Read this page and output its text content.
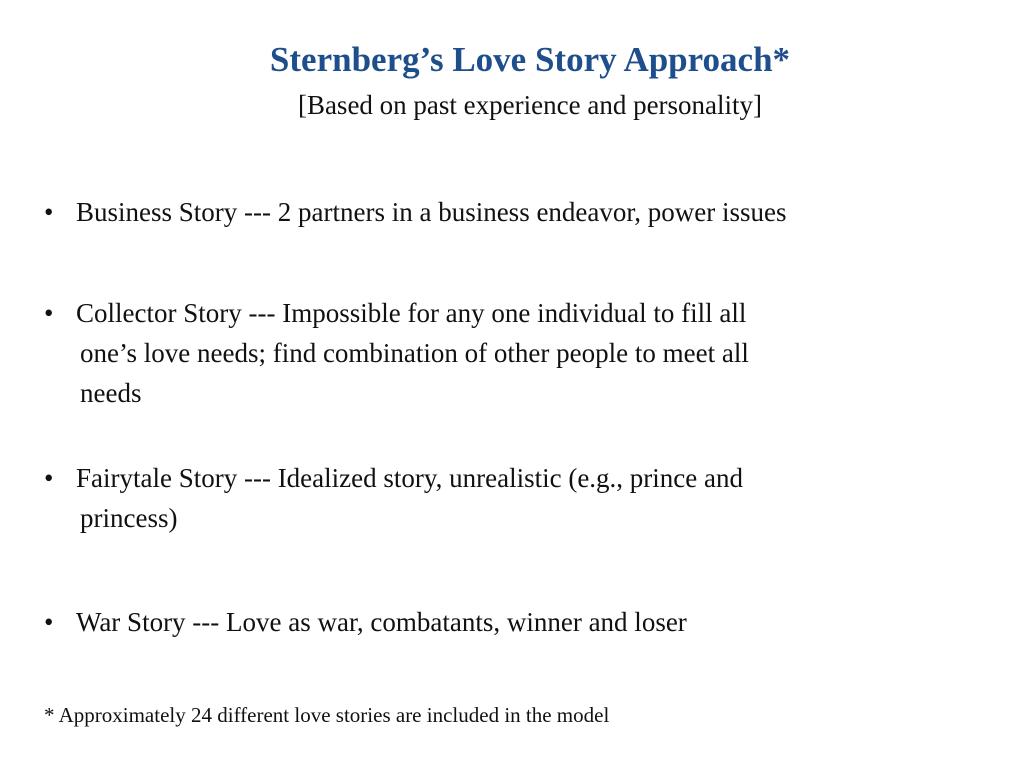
Sternberg’s Love Story Approach*
[Based on past experience and personality]
• Business Story --- 2 partners in a business endeavor, power issues
• Collector Story --- Impossible for any one individual to fill all
one’s love needs; find combination of other people to meet all
needs
• Fairytale Story --- Idealized story, unrealistic (e.g., prince and
princess)
• War Story --- Love as war, combatants, winner and loser
* Approximately 24 different love stories are included in the model
